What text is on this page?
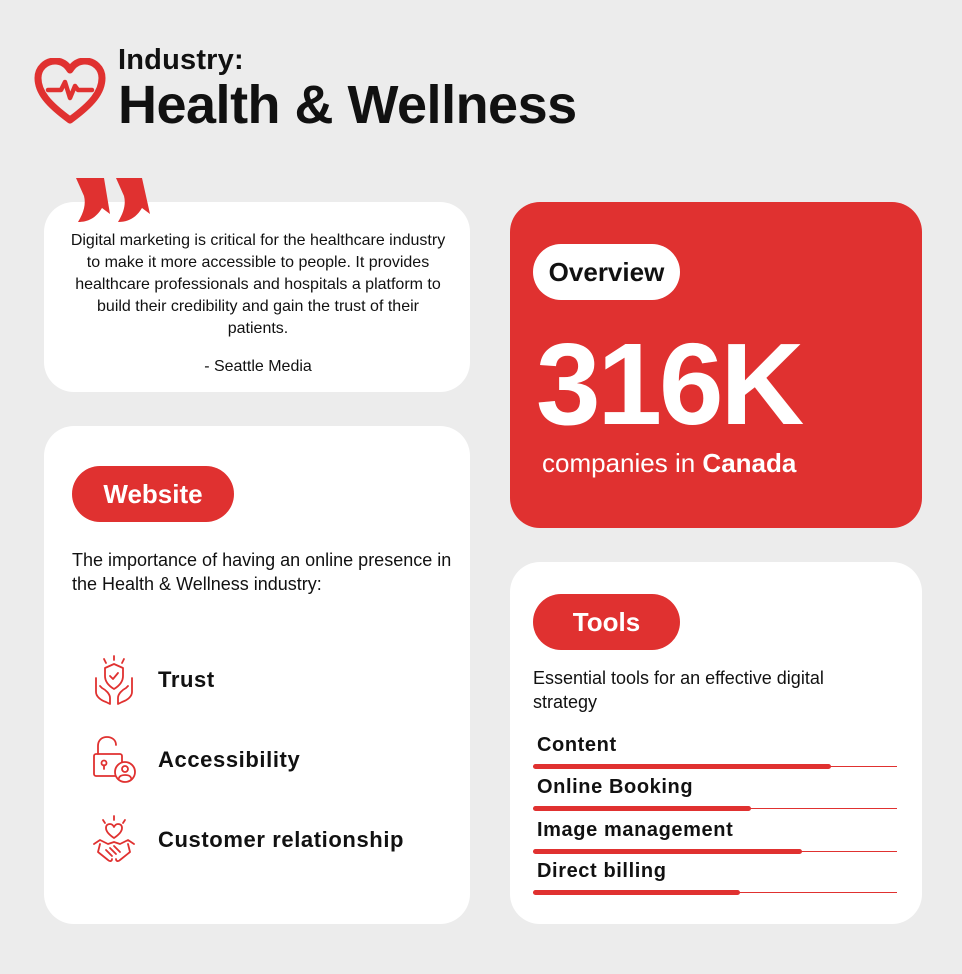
Industry:
Health & Wellness
Digital marketing is critical for the healthcare industry to make it more accessible to people. It provides healthcare professionals and hospitals a platform to build their credibility and gain the trust of their patients.
- Seattle Media
Overview
316K
companies in Canada
Website
The importance of having an online presence in the Health & Wellness industry:
Trust
Accessibility
Customer relationship
Tools
Essential tools for an effective digital strategy
Content
Online Booking
Image management
Direct billing
